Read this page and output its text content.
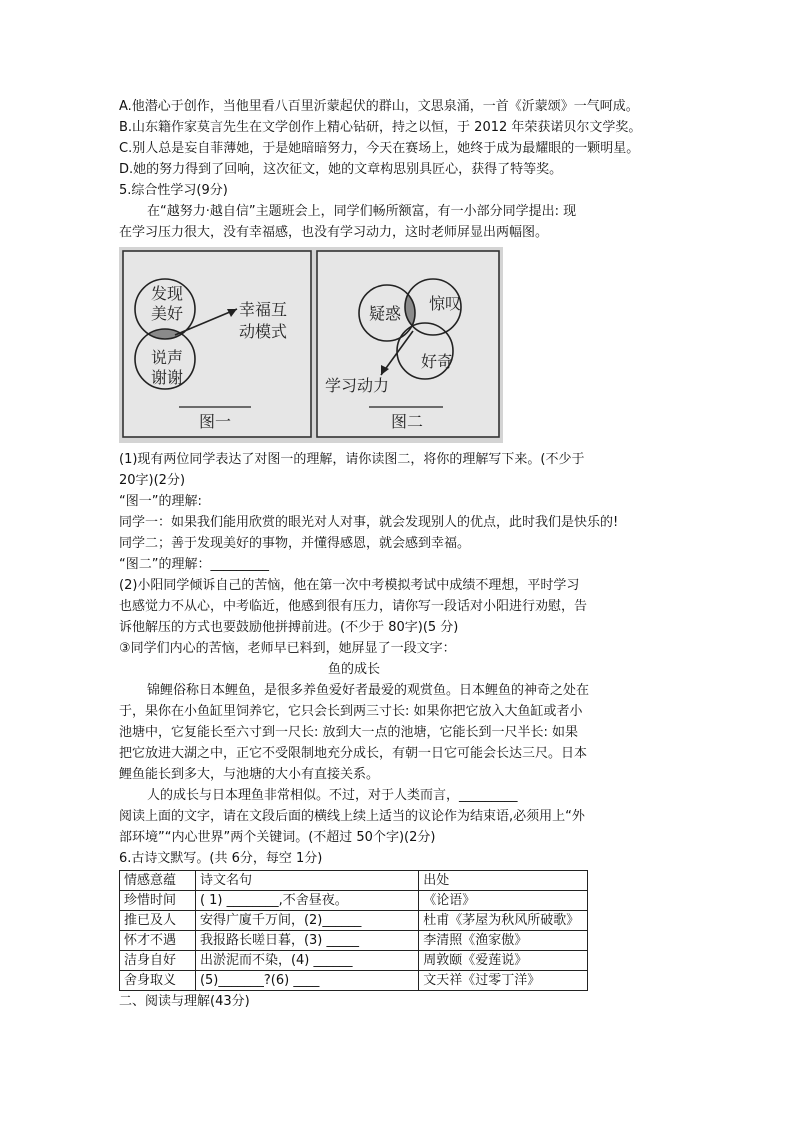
A.他潜心于创作，当他里看八百里沂蒙起伏的群山，文思泉涌，一首《沂蒙颂》一气呵成。
B.山东籍作家莫言先生在文学创作上精心钻研，持之以恒，于 2012 年荣获诺贝尔文学奖。
C.别人总是妄自菲薄她，于是她暗暗努力，今天在赛场上，她终于成为最耀眼的一颗明星。
D.她的努力得到了回响，这次征文，她的文章构思别具匠心，获得了特等奖。
5.综合性学习(9分)
在“越努力·越自信”主题班会上，同学们畅所额富，有一小部分同学提出: 现在学习压力很大，没有幸福感，也没有学习动力，这时老师屏显出两幅图。
发现
美好
说声
谢谢
幸福互
动模式
图一
疑惑
惊叹
好奇
学习动力
图二
(1)现有两位同学表达了对图一的理解，请你读图二，将你的理解写下来。(不少于 20字)(2分)
“图一”的理解:
同学一：如果我们能用欣赏的眼光对人对事，就会发现别人的优点，此时我们是快乐的!
同学二；善于发现美好的事物，并懂得感恩，就会感到幸福。
“图二”的理解：_________
(2)小阳同学倾诉自己的苦恼，他在第一次中考模拟考试中成绩不理想，平时学习也感觉力不从心，中考临近，他感到很有压力，请你写一段话对小阳进行劝慰，告诉他解压的方式也要鼓励他拼搏前进。(不少于 80字)(5 分)
③同学们内心的苦恼，老师早已料到，她屏显了一段文字：
鱼的成长
锦鲤俗称日本鲤鱼，是很多养鱼爱好者最爱的观赏鱼。日本鲤鱼的神奇之处在于，果你在小鱼缸里饲养它，它只会长到两三寸长: 如果你把它放入大鱼缸或者小池塘中，它复能长至六寸到一尺长: 放到大一点的池塘，它能长到一尺半长: 如果把它放进大湖之中，正它不受限制地充分成长，有朝一日它可能会长达三尺。日本鲤鱼能长到多大，与池塘的大小有直接关系。
人的成长与日本理鱼非常相似。不过，对于人类而言，_________
阅读上面的文字，请在文段后面的横线上续上适当的议论作为结束语,必须用上“外部环境”“内心世界”两个关键词。(不超过 50个字)(2分)
6.古诗文默写。(共 6分，每空 1分)
情感意蕴	诗文名句	出处
珍惜时间	( 1) ________,不舍昼夜。	《论语》
推已及人	安得广廈千万间，(2)______	杜甫《茅屋为秋风所破歌》
怀才不遇	我报路长嗟日暮，(3) _____	李清照《渔家傲》
洁身自好	出淤泥而不染，(4) ______	周敦颐《爱莲说》
舍身取义	(5)_______?(6) ____	文天祥《过零丁洋》
二、阅读与理解(43分)
